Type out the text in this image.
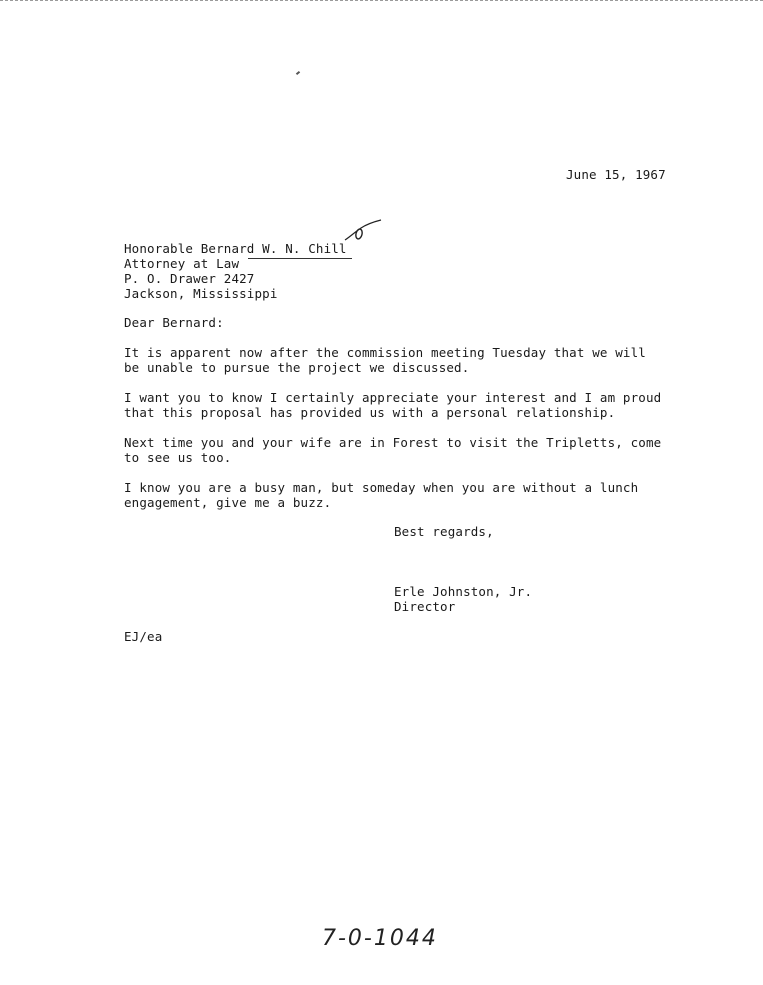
June 15, 1967
Honorable Bernard W. N. Chill
Attorney at Law
P. O. Drawer 2427
Jackson, Mississippi
Dear Bernard:
It is apparent now after the commission meeting Tuesday that we will
be unable to pursue the project we discussed.
I want you to know I certainly appreciate your interest and I am proud
that this proposal has provided us with a personal relationship.
Next time you and your wife are in Forest to visit the Tripletts, come
to see us too.
I know you are a busy man, but someday when you are without a lunch
engagement, give me a buzz.
Best regards,
Erle Johnston, Jr.
Director
EJ/ea
7-0-1044
